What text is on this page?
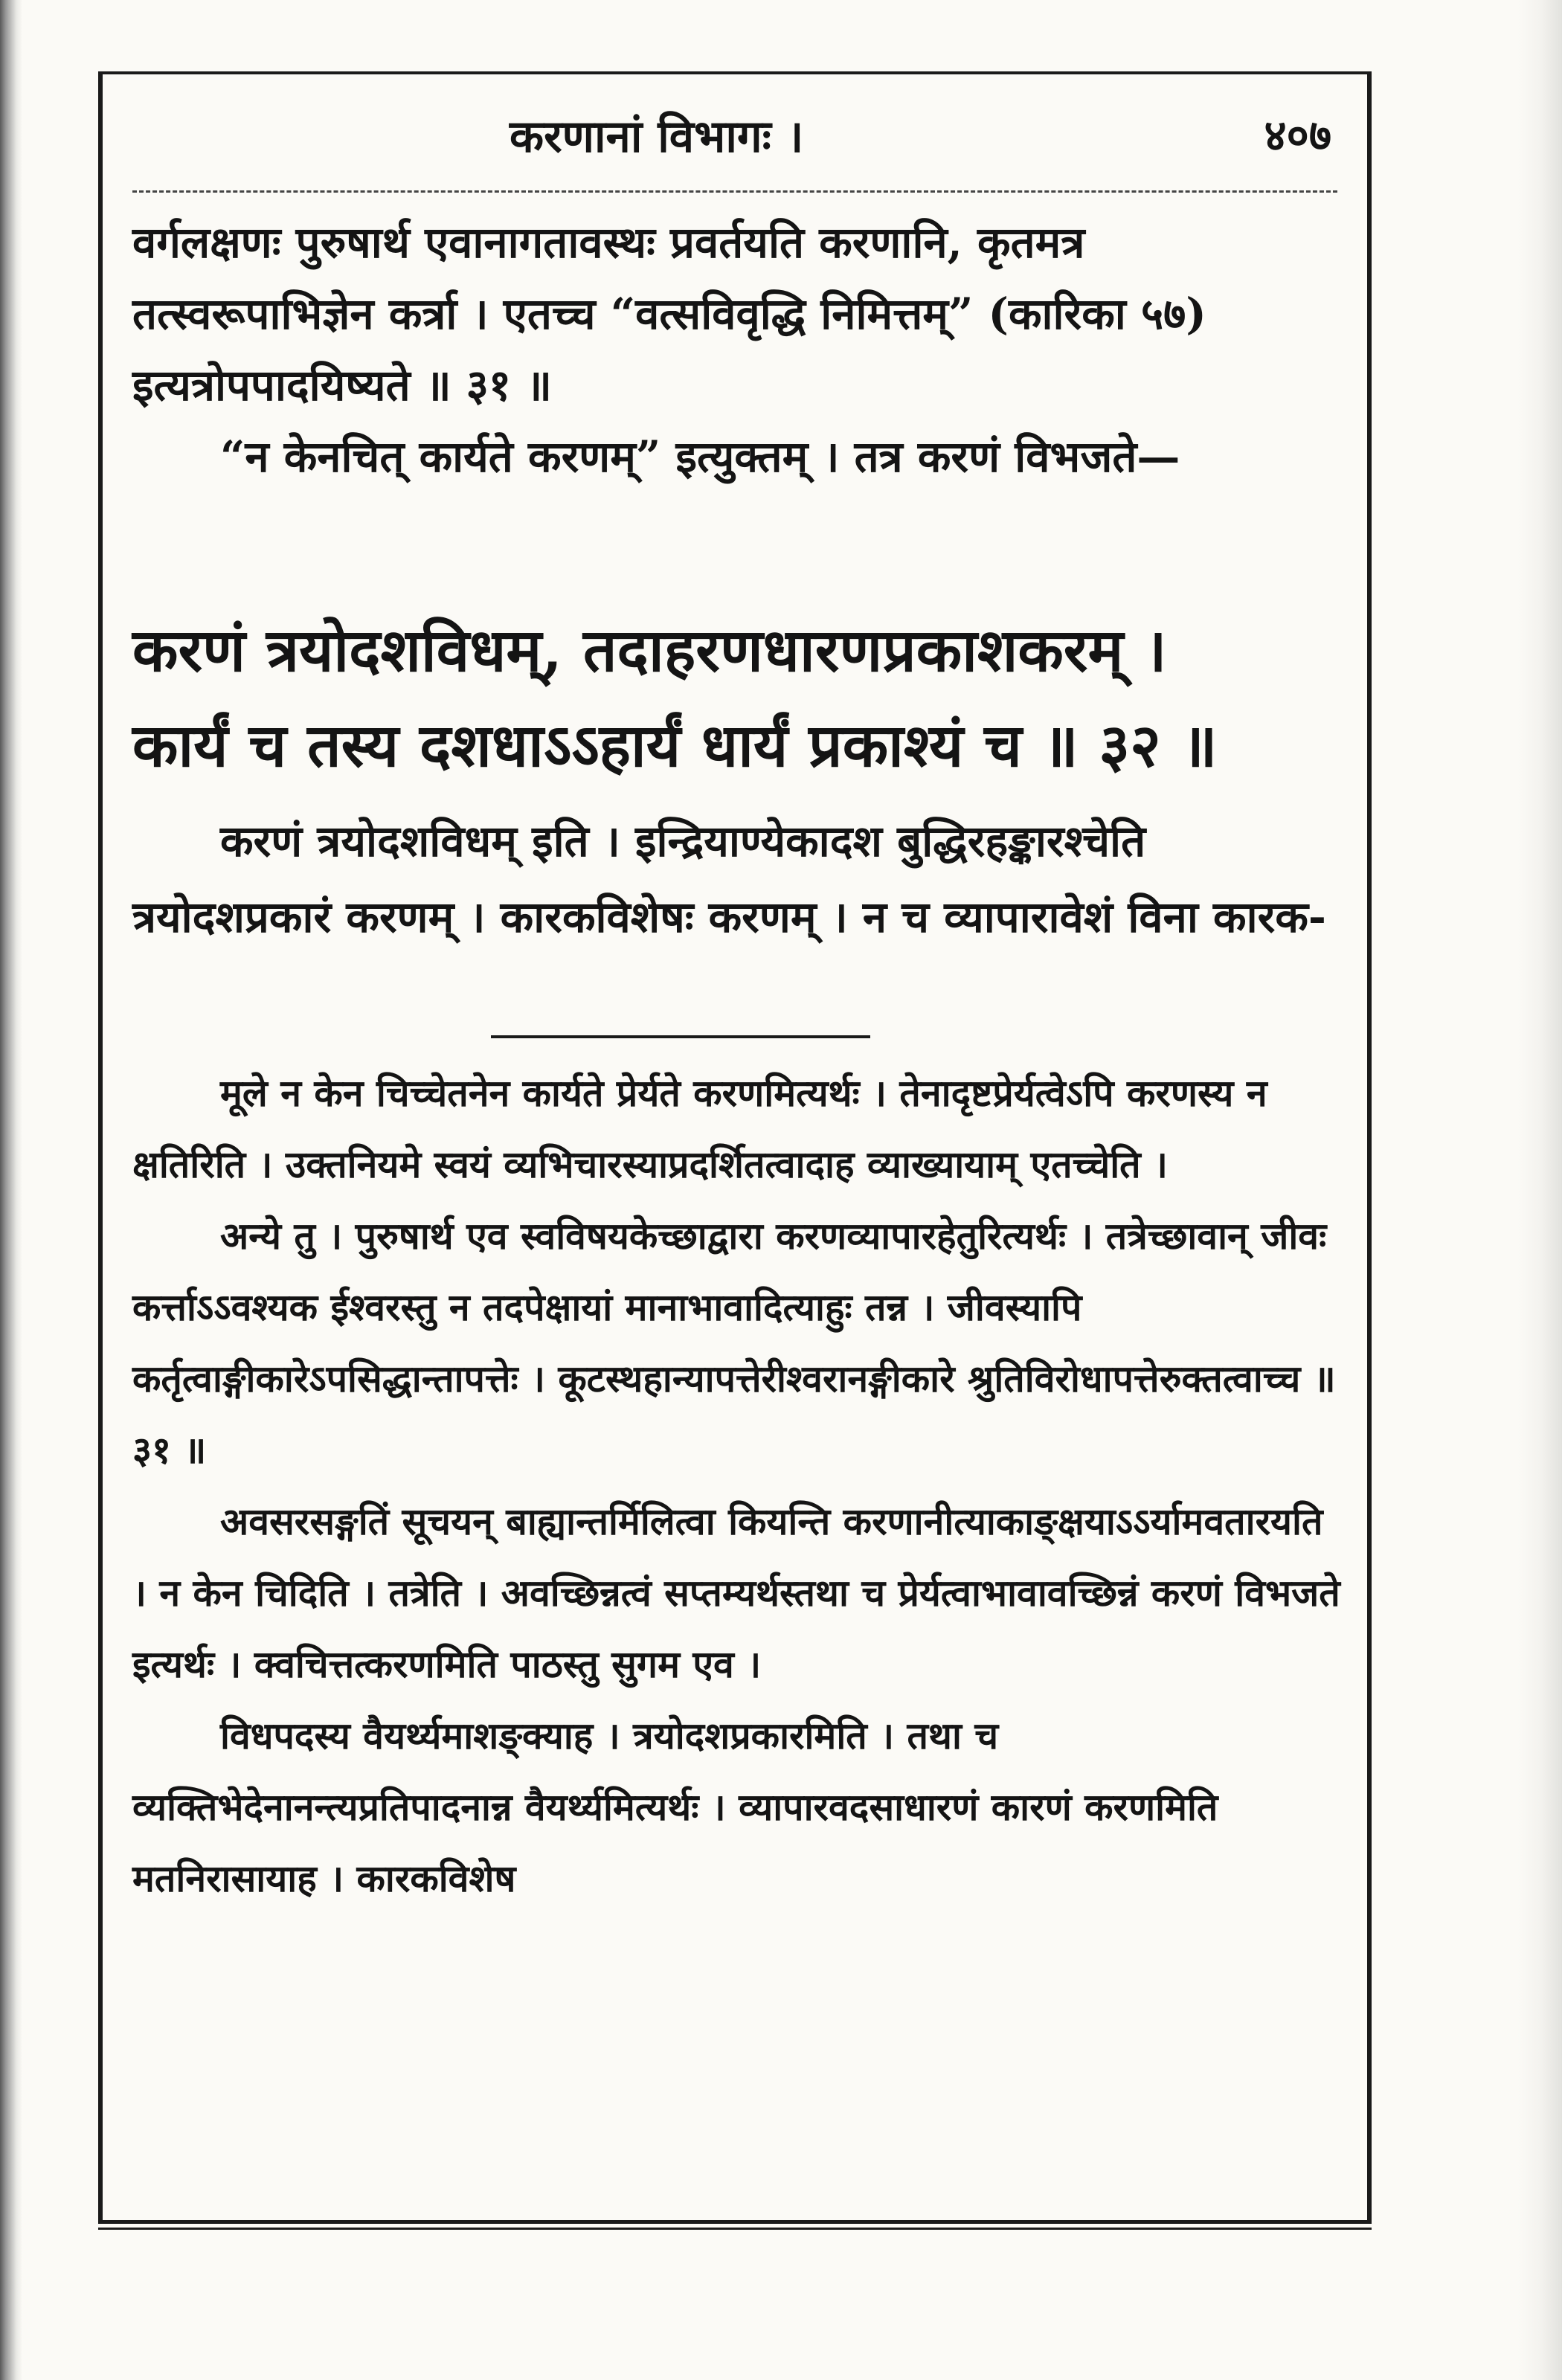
करणानां विभागः ।	४०७

वर्गलक्षणः पुरुषार्थ एवानागतावस्थः प्रवर्तयति करणानि, कृतमत्र तत्स्वरूपाभिज्ञेन कर्त्रा । एतच्च “वत्सविवृद्धि निमित्तम्” (कारिका ५७) इत्यत्रोपपादयिष्यते ॥ ३१ ॥

“न केनचित् कार्यते करणम्” इत्युक्तम् । तत्र करणं विभजते—

करणं त्रयोदशविधम्, तदाहरणधारणप्रकाशकरम् ।

कार्यं च तस्य दशधाऽऽहार्यं धार्यं प्रकाश्यं च ॥ ३२ ॥

करणं त्रयोदशविधम् इति । इन्द्रियाण्येकादश बुद्धिरहङ्कारश्चेति त्रयोदशप्रकारं करणम् । कारकविशेषः करणम् । न च व्यापारावेशं विना कारक-

मूले न केन चिच्चेतनेन कार्यते प्रेर्यते करणमित्यर्थः । तेनादृष्टप्रेर्यत्वेऽपि करणस्य न क्षतिरिति । उक्तनियमे स्वयं व्यभिचारस्याप्रदर्शितत्वादाह व्याख्यायाम् एतच्चेति ।

अन्ये तु । पुरुषार्थ एव स्वविषयकेच्छाद्वारा करणव्यापारहेतुरित्यर्थः । तत्रेच्छावान् जीवः कर्त्ताऽऽवश्यक ईश्वरस्तु न तदपेक्षायां मानाभावादित्याहुः तन्न । जीवस्यापि कर्तृत्वाङ्गीकारेऽपसिद्धान्तापत्तेः । कूटस्थहान्यापत्तेरीश्वरानङ्गीकारे श्रुतिविरोधापत्तेरुक्तत्वाच्च ॥ ३१ ॥

अवसरसङ्गतिं सूचयन् बाह्यान्तर्मिलित्वा कियन्ति करणानीत्याकाङ्क्षयाऽऽर्यामवतारयति । न केन चिदिति । तत्रेति । अवच्छिन्नत्वं सप्तम्यर्थस्तथा च प्रेर्यत्वाभावावच्छिन्नं करणं विभजते इत्यर्थः । क्वचित्तत्करणमिति पाठस्तु सुगम एव ।

विधपदस्य वैयर्थ्यमाशङ्क्याह । त्रयोदशप्रकारमिति । तथा च व्यक्तिभेदेनानन्त्यप्रतिपादनान्न वैयर्थ्यमित्यर्थः । व्यापारवदसाधारणं कारणं करणमिति मतनिरासायाह । कारकविशेष
